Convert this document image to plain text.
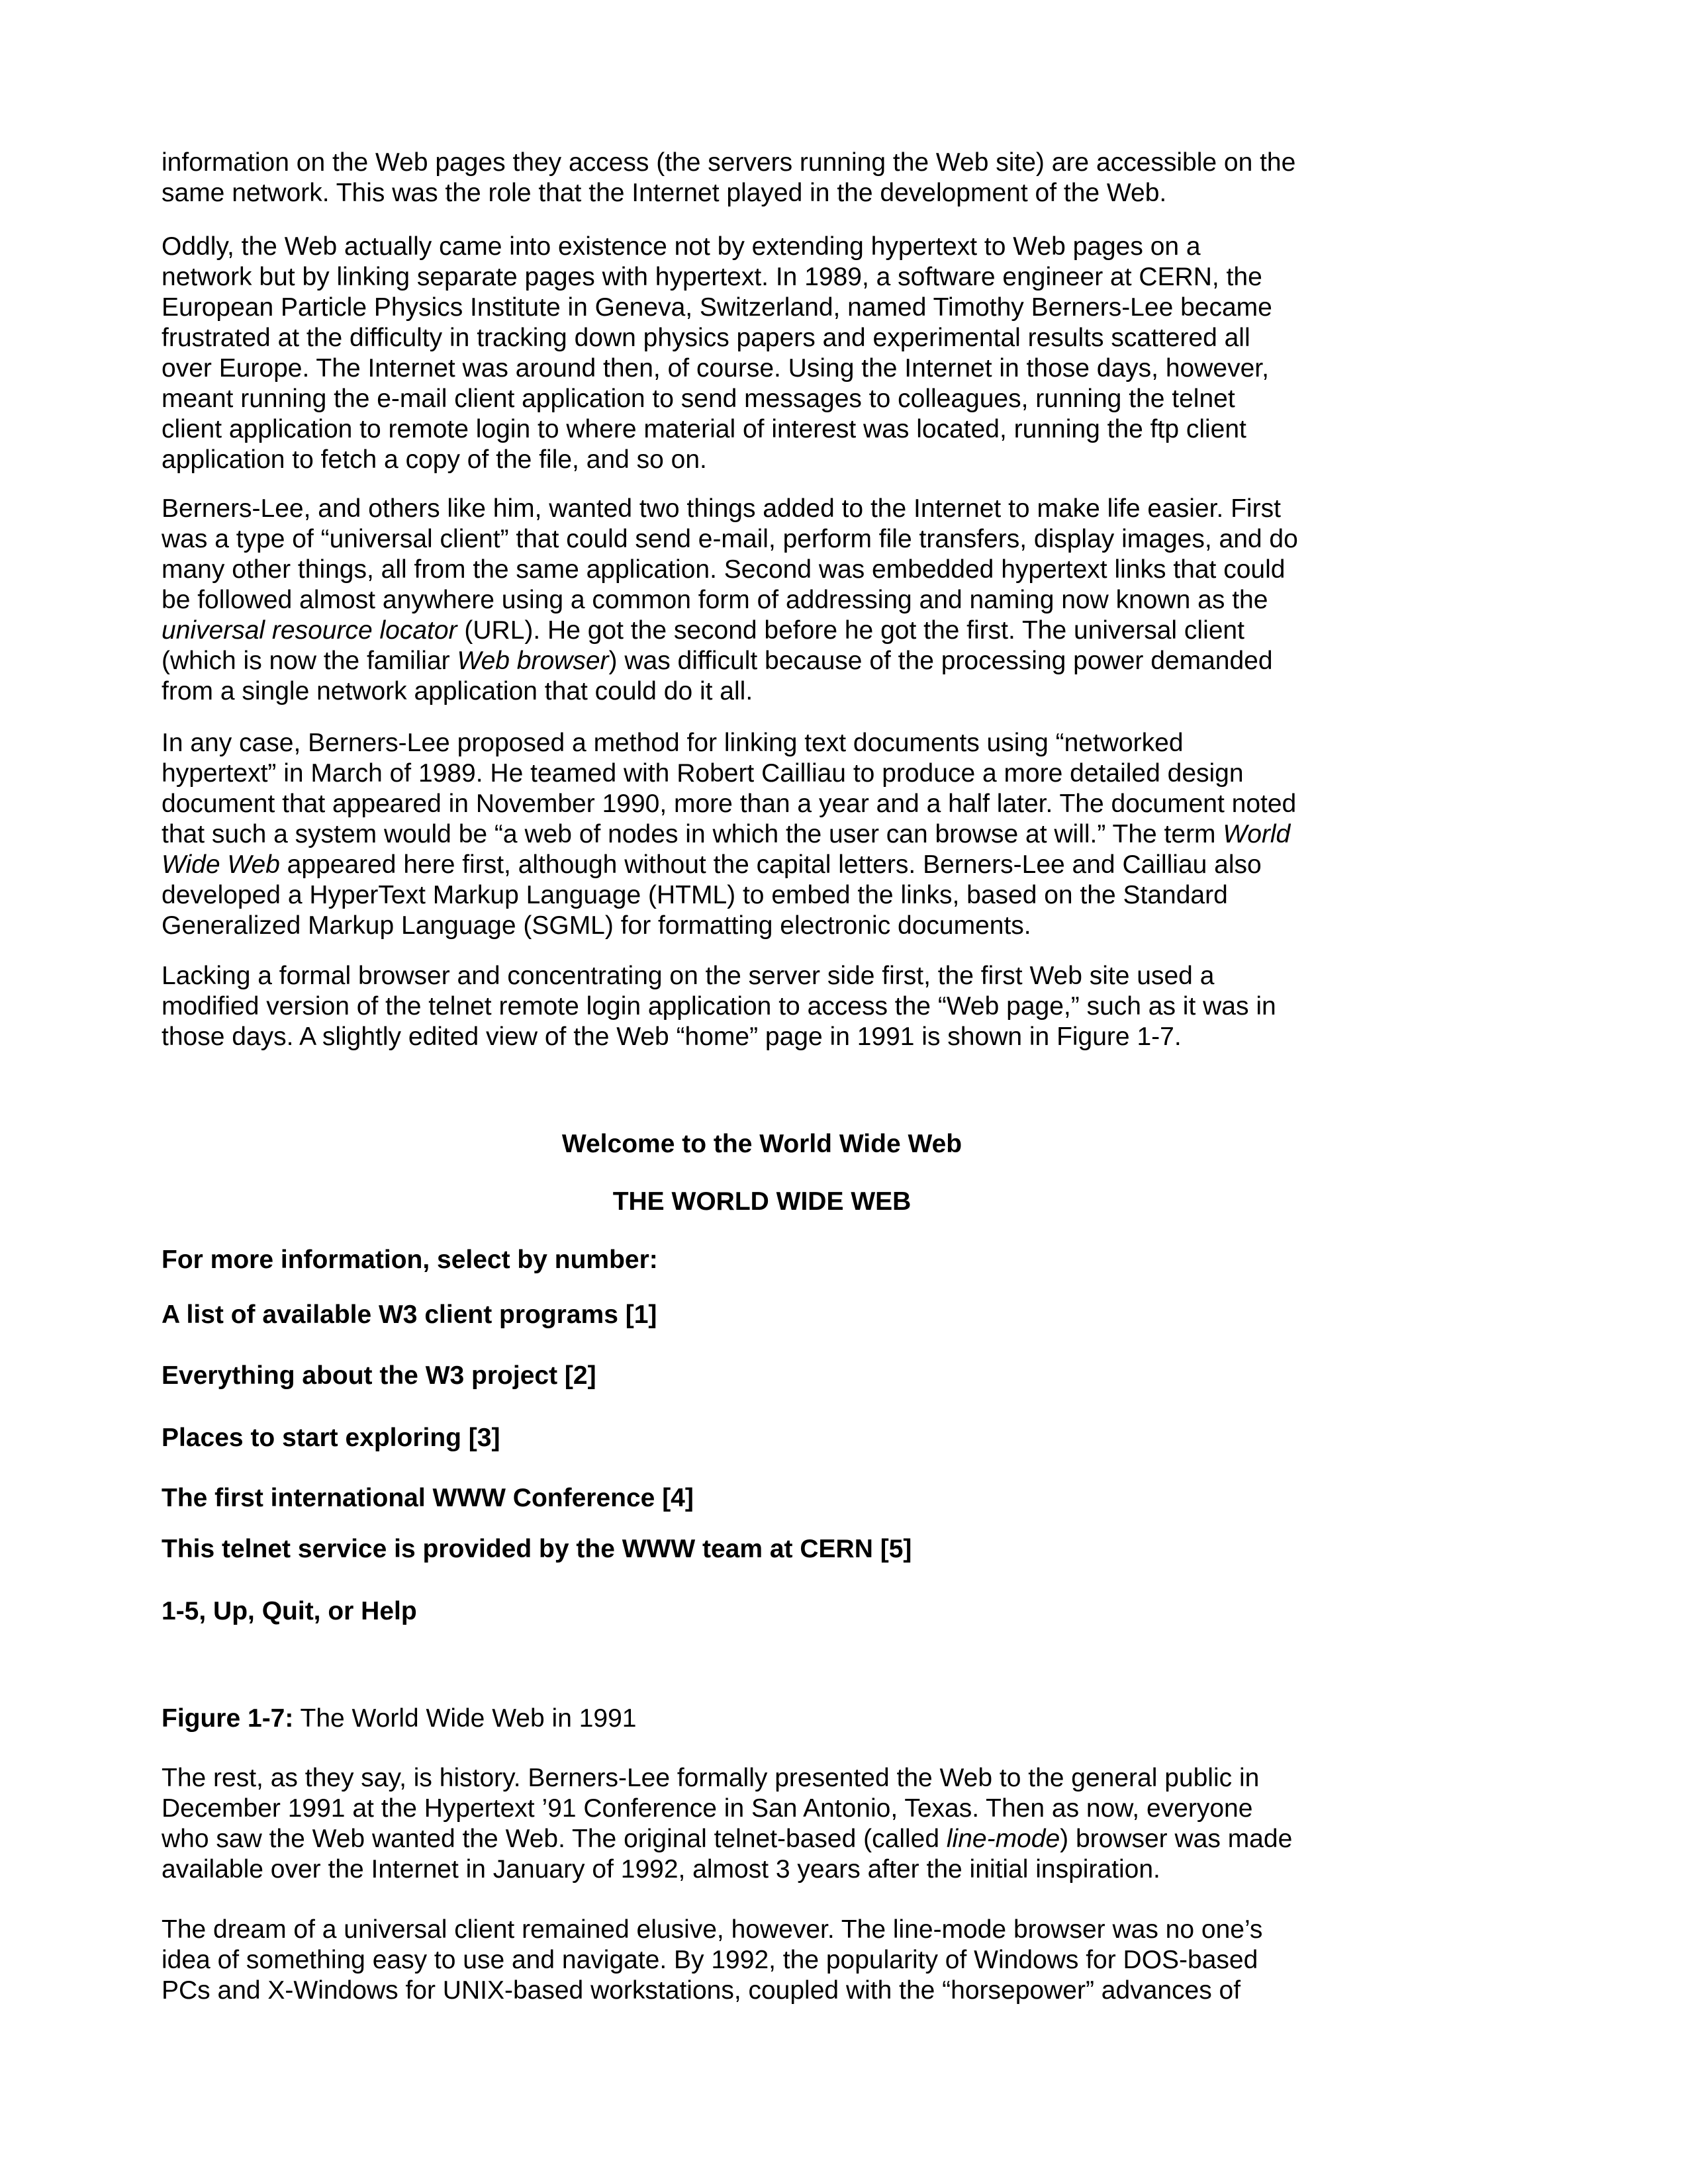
information on the Web pages they access (the servers running the Web site) are accessible on the
same network. This was the role that the Internet played in the development of the Web.
Oddly, the Web actually came into existence not by extending hypertext to Web pages on a
network but by linking separate pages with hypertext. In 1989, a software engineer at CERN, the
European Particle Physics Institute in Geneva, Switzerland, named Timothy Berners-Lee became
frustrated at the difficulty in tracking down physics papers and experimental results scattered all
over Europe. The Internet was around then, of course. Using the Internet in those days, however,
meant running the e-mail client application to send messages to colleagues, running the telnet
client application to remote login to where material of interest was located, running the ftp client
application to fetch a copy of the file, and so on.
Berners-Lee, and others like him, wanted two things added to the Internet to make life easier. First
was a type of “universal client” that could send e-mail, perform file transfers, display images, and do
many other things, all from the same application. Second was embedded hypertext links that could
be followed almost anywhere using a common form of addressing and naming now known as the
universal resource locator (URL). He got the second before he got the first. The universal client
(which is now the familiar Web browser) was difficult because of the processing power demanded
from a single network application that could do it all.
In any case, Berners-Lee proposed a method for linking text documents using “networked
hypertext” in March of 1989. He teamed with Robert Cailliau to produce a more detailed design
document that appeared in November 1990, more than a year and a half later. The document noted
that such a system would be “a web of nodes in which the user can browse at will.” The term World
Wide Web appeared here first, although without the capital letters. Berners-Lee and Cailliau also
developed a HyperText Markup Language (HTML) to embed the links, based on the Standard
Generalized Markup Language (SGML) for formatting electronic documents.
Lacking a formal browser and concentrating on the server side first, the first Web site used a
modified version of the telnet remote login application to access the “Web page,” such as it was in
those days. A slightly edited view of the Web “home” page in 1991 is shown in Figure 1-7.
Welcome to the World Wide Web
THE WORLD WIDE WEB
For more information, select by number:
A list of available W3 client programs [1]
Everything about the W3 project [2]
Places to start exploring [3]
The first international WWW Conference [4]
This telnet service is provided by the WWW team at CERN [5]
1-5, Up, Quit, or Help
Figure 1-7: The World Wide Web in 1991
The rest, as they say, is history. Berners-Lee formally presented the Web to the general public in
December 1991 at the Hypertext ’91 Conference in San Antonio, Texas. Then as now, everyone
who saw the Web wanted the Web. The original telnet-based (called line-mode) browser was made
available over the Internet in January of 1992, almost 3 years after the initial inspiration.
The dream of a universal client remained elusive, however. The line-mode browser was no one’s
idea of something easy to use and navigate. By 1992, the popularity of Windows for DOS-based
PCs and X-Windows for UNIX-based workstations, coupled with the “horsepower” advances of
